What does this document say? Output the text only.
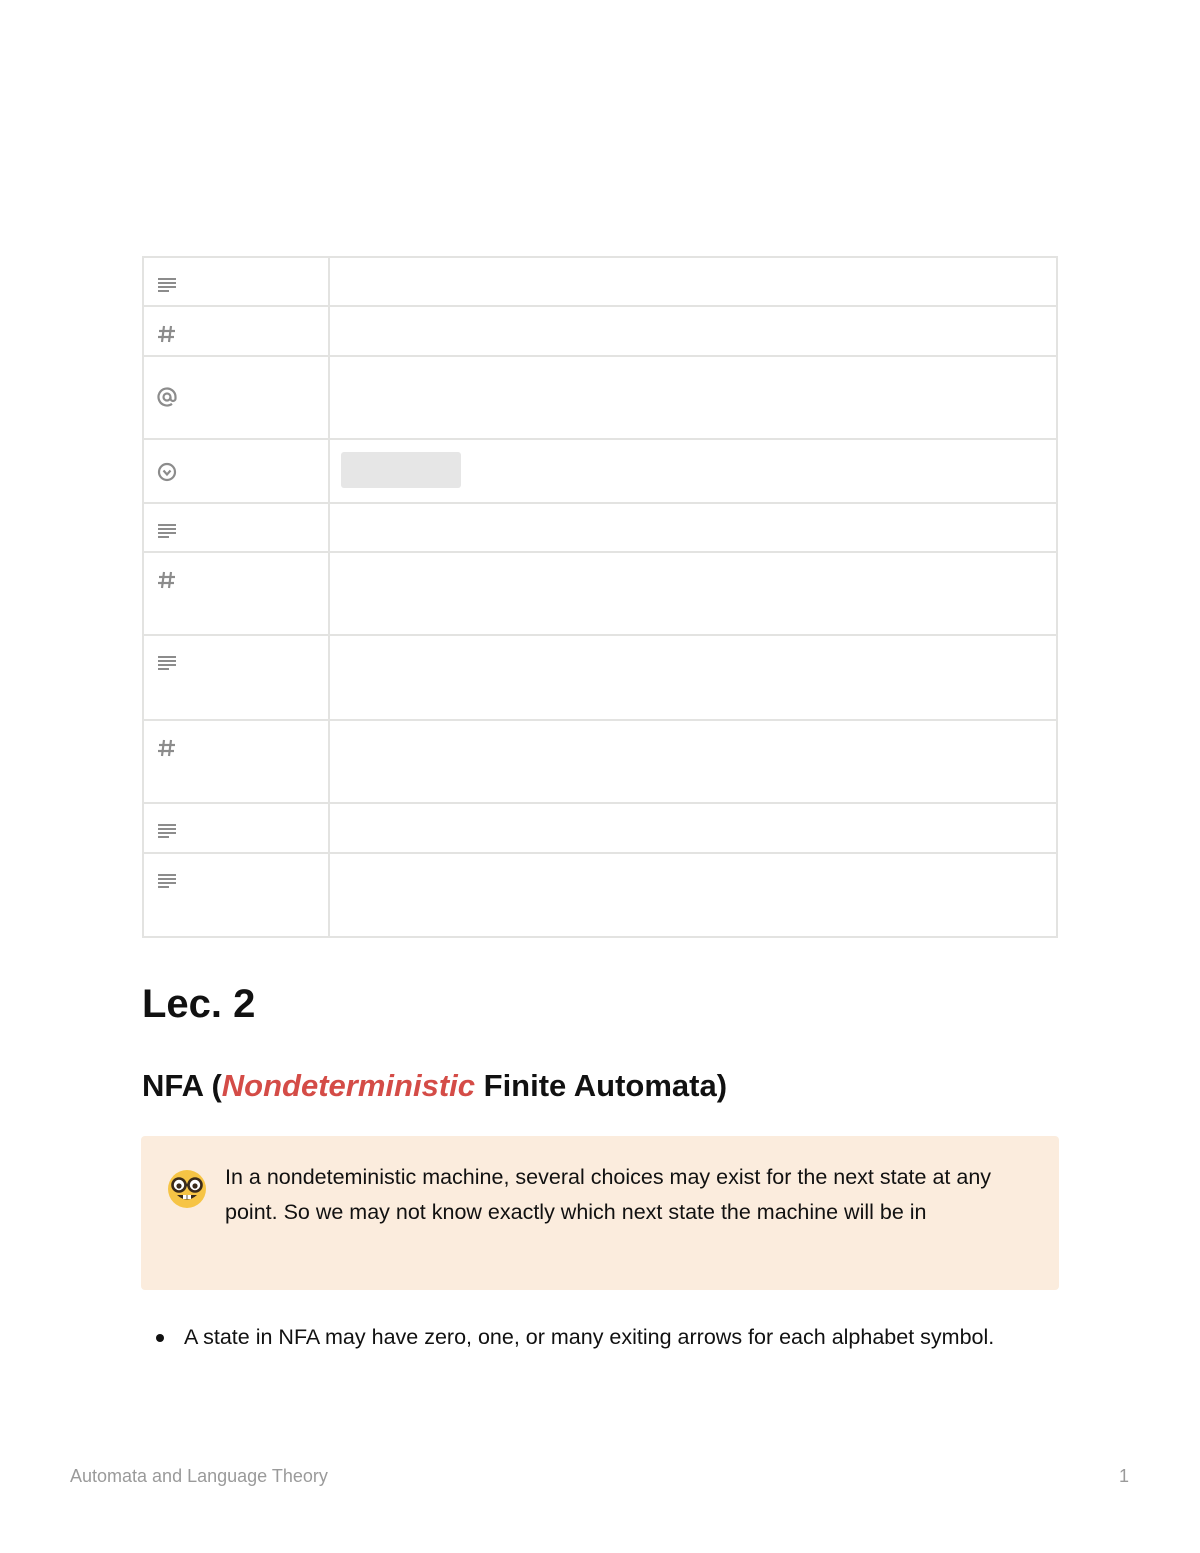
Lec. 2
NFA (Nondeterministic Finite Automata)
In a nondeteministic machine, several choices may exist for the next state at any point. So we may not know exactly which next state the machine will be in
A state in NFA may have zero, one, or many exiting arrows for each alphabet symbol.
Automata and Language Theory	1
